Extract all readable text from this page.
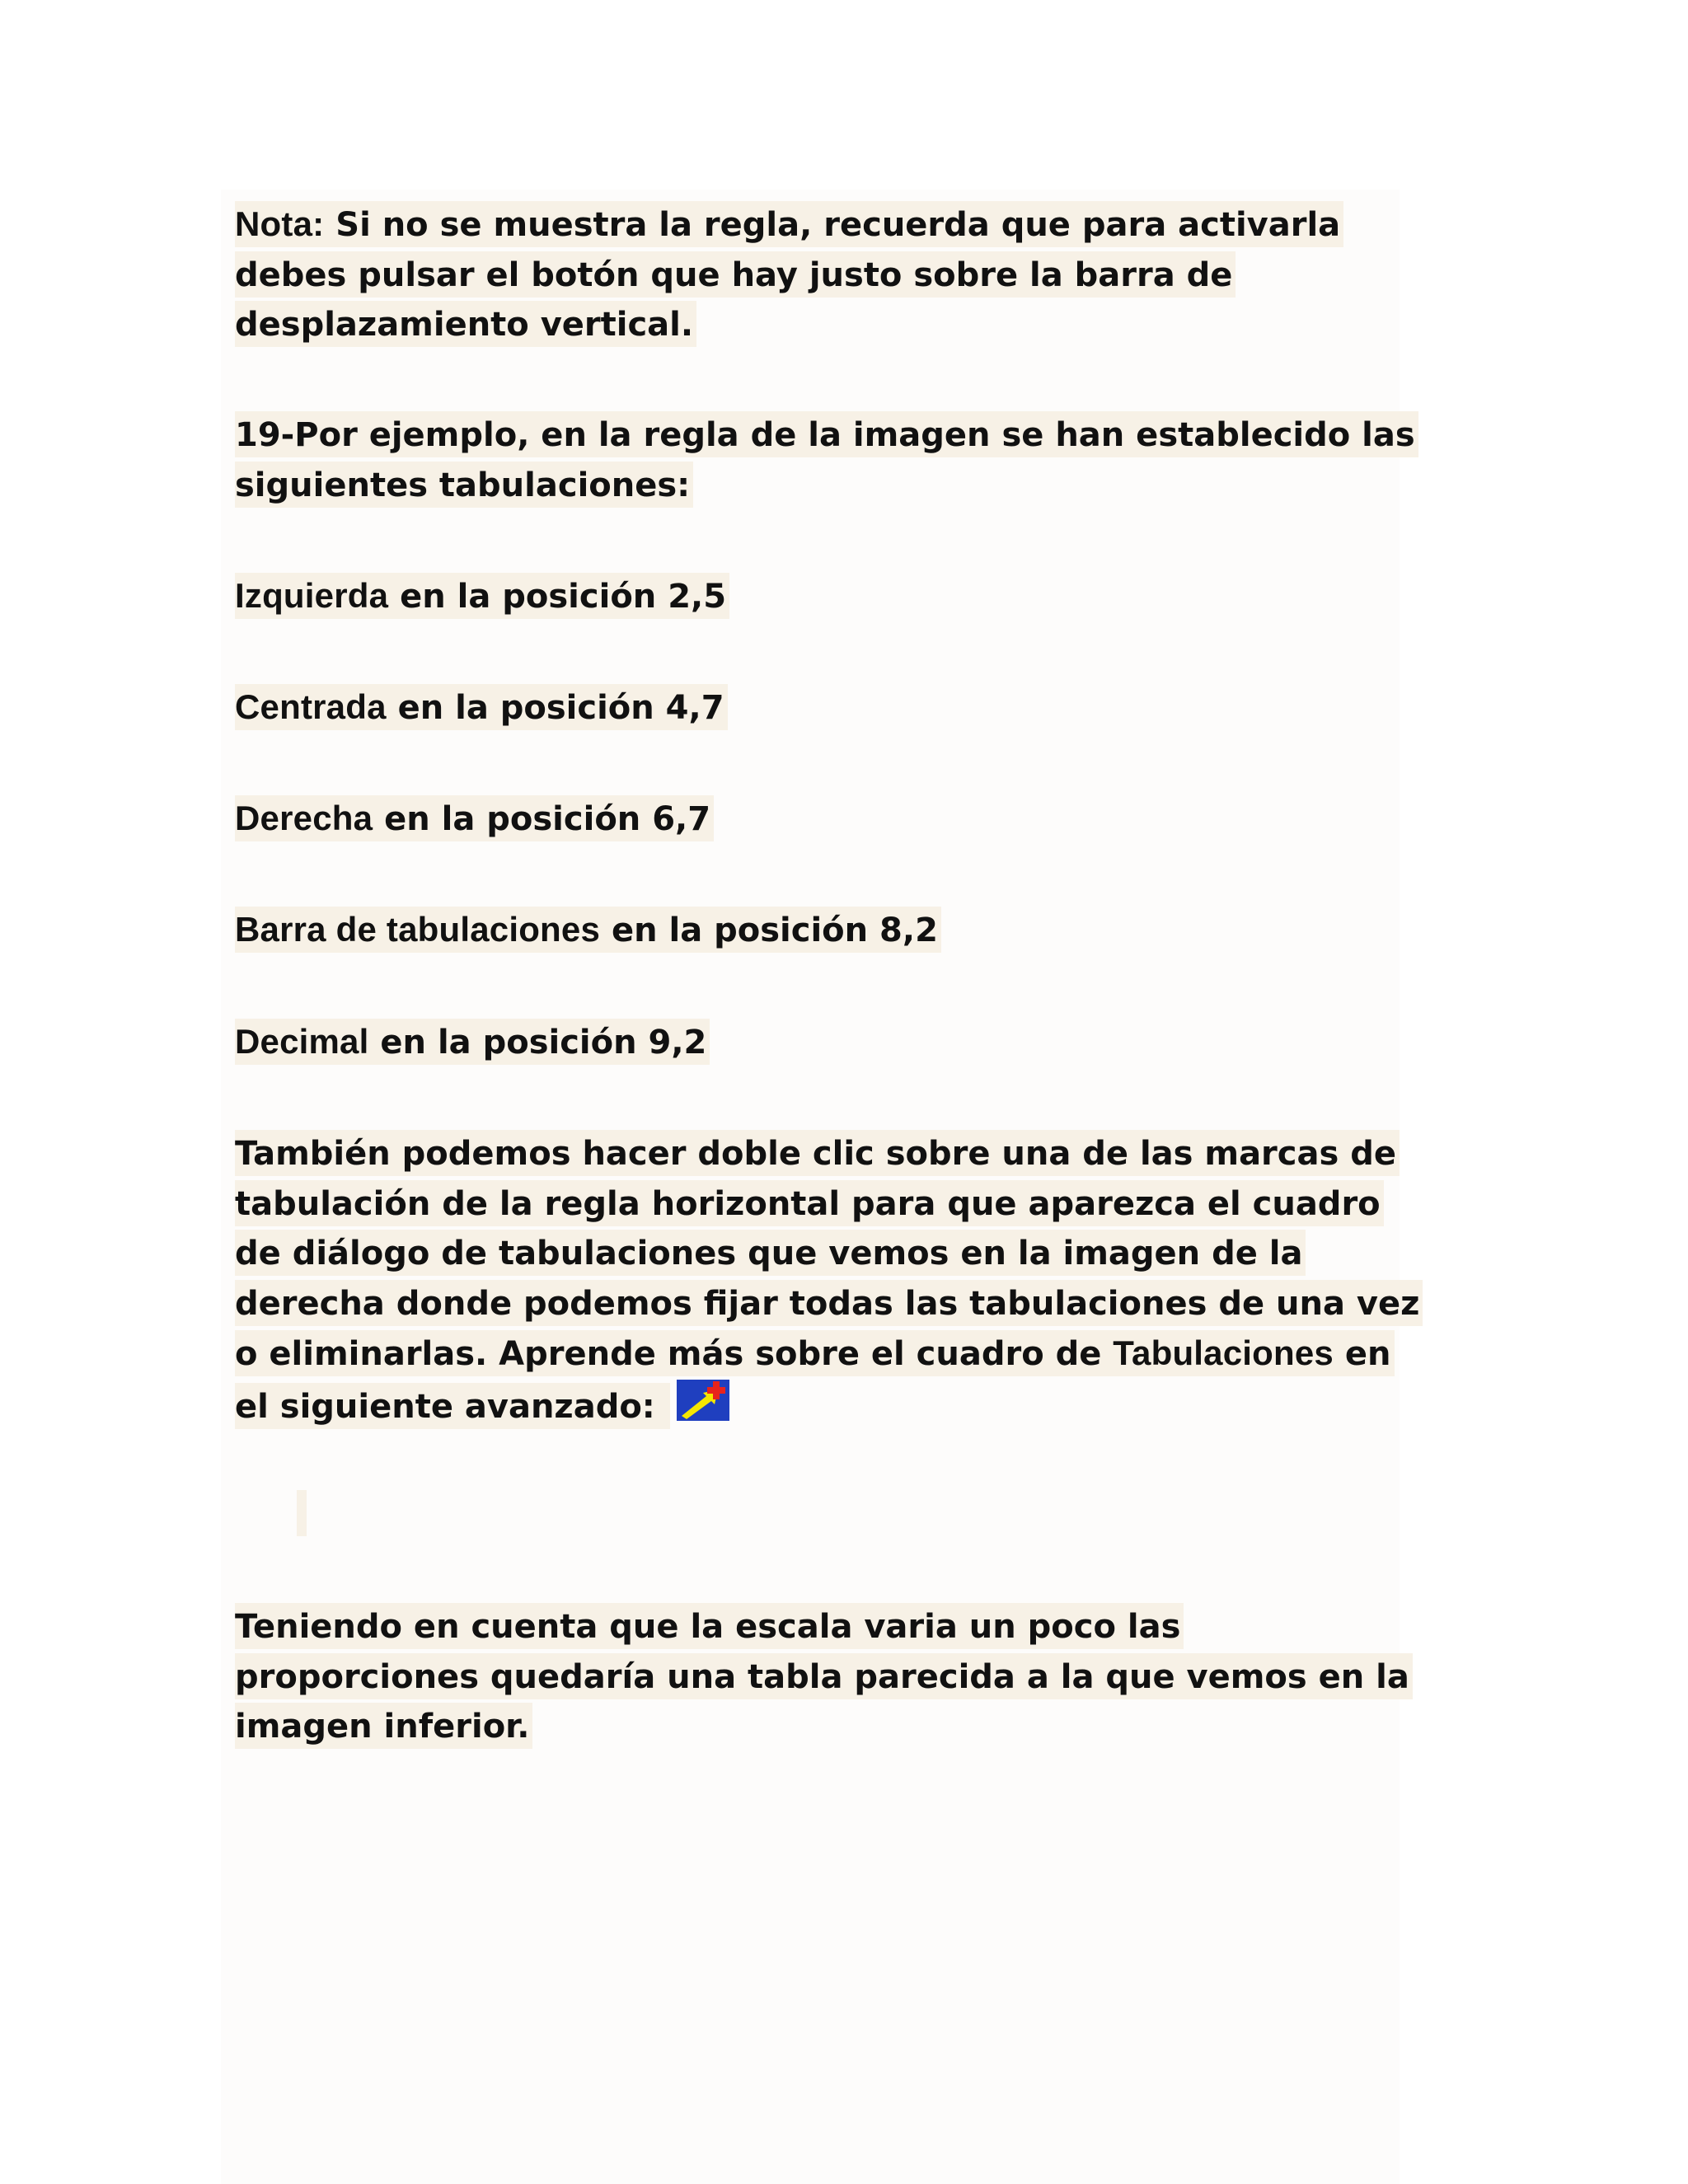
Nota: Si no se muestra la regla, recuerda que para activarla
debes pulsar el botón que hay justo sobre la barra de
desplazamiento vertical.

19-Por ejemplo, en la regla de la imagen se han establecido las
siguientes tabulaciones:

Izquierda en la posición 2,5

Centrada en la posición 4,7

Derecha en la posición 6,7

Barra de tabulaciones en la posición 8,2

Decimal en la posición 9,2

También podemos hacer doble clic sobre una de las marcas de
tabulación de la regla horizontal para que aparezca el cuadro
de diálogo de tabulaciones que vemos en la imagen de la
derecha donde podemos fijar todas las tabulaciones de una vez
o eliminarlas. Aprende más sobre el cuadro de Tabulaciones en
el siguiente avanzado:

Teniendo en cuenta que la escala varia un poco las
proporciones quedaría una tabla parecida a la que vemos en la
imagen inferior.
